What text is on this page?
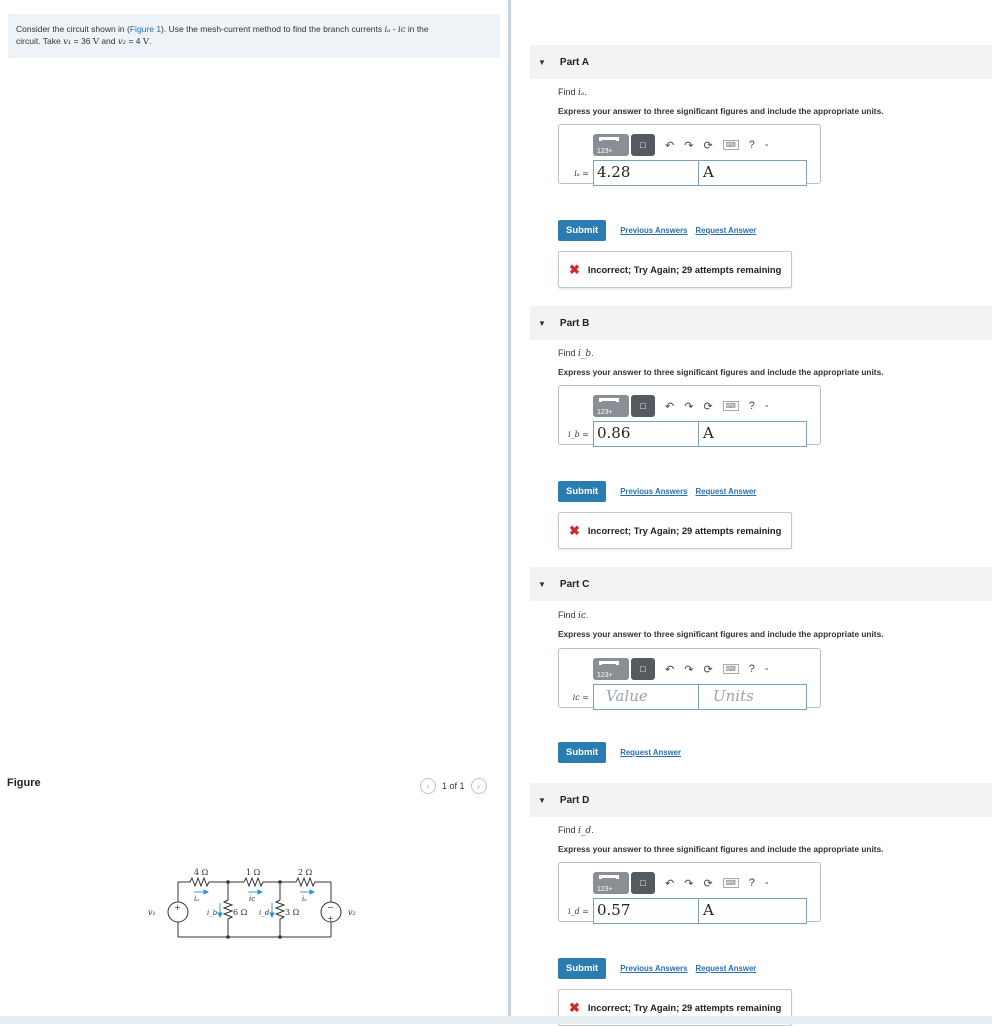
Consider the circuit shown in (Figure 1). Use the mesh-current method to find the branch currents iₐ - iᴄ in the
circuit. Take v₁ = 36 V and v₂ = 4 V.
Figure	‹	1 of 1	›
4 Ω	1 Ω	2 Ω
6 Ω	3 Ω
v₁	v₂
iₐ
i_b
iᴄ
i_d
iₑ
+	−
+
▼ Part A
Find iₐ.
Express your answer to three significant figures and include the appropriate units.
123+
□	↶ ↷ ⟳	⌨ ? -
iₐ = 4.28	A
Submit	Previous Answers Request Answer
✖ Incorrect; Try Again; 29 attempts remaining
▼ Part B
Find i_b.
Express your answer to three significant figures and include the appropriate units.
123+
□	↶ ↷ ⟳	⌨ ? -
i_b = 0.86	A
Submit	Previous Answers Request Answer
✖ Incorrect; Try Again; 29 attempts remaining
▼ Part C
Find iᴄ.
Express your answer to three significant figures and include the appropriate units.
123+
□	↶ ↷ ⟳	⌨ ? -
iᴄ =	Value	Units
Submit	Request Answer
▼ Part D
Find i_d.
Express your answer to three significant figures and include the appropriate units.
123+
□	↶ ↷ ⟳	⌨ ? -
i_d = 0.57	A
Submit	Previous Answers Request Answer
✖ Incorrect; Try Again; 29 attempts remaining
